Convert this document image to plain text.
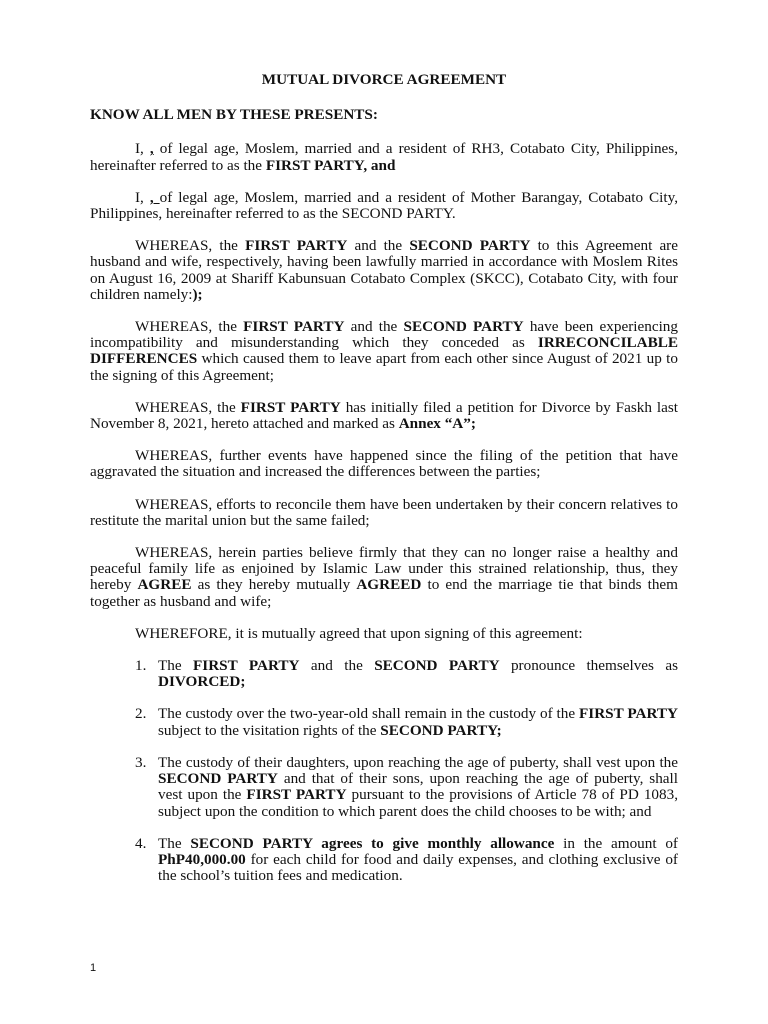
MUTUAL DIVORCE AGREEMENT
KNOW ALL MEN BY THESE PRESENTS:

I, , of legal age, Moslem, married and a resident of RH3, Cotabato City, Philippines, hereinafter referred to as the FIRST PARTY, and

I, , of legal age, Moslem, married and a resident of Mother Barangay, Cotabato City, Philippines, hereinafter referred to as the SECOND PARTY.

WHEREAS, the FIRST PARTY and the SECOND PARTY to this Agreement are husband and wife, respectively, having been lawfully married in accordance with Moslem Rites on August 16, 2009 at Shariff Kabunsuan Cotabato Complex (SKCC), Cotabato City, with four children namely:);

WHEREAS, the FIRST PARTY and the SECOND PARTY have been experiencing incompatibility and misunderstanding which they conceded as IRRECONCILABLE DIFFERENCES which caused them to leave apart from each other since August of 2021 up to the signing of this Agreement;

WHEREAS, the FIRST PARTY has initially filed a petition for Divorce by Faskh last November 8, 2021, hereto attached and marked as Annex “A”;

WHEREAS, further events have happened since the filing of the petition that have aggravated the situation and increased the differences between the parties;

WHEREAS, efforts to reconcile them have been undertaken by their concern relatives to restitute the marital union but the same failed;

WHEREAS, herein parties believe firmly that they can no longer raise a healthy and peaceful family life as enjoined by Islamic Law under this strained relationship, thus, they hereby AGREE as they hereby mutually AGREED to end the marriage tie that binds them together as husband and wife;

WHEREFORE, it is mutually agreed that upon signing of this agreement:

1. The FIRST PARTY and the SECOND PARTY pronounce themselves as DIVORCED;
2. The custody over the two-year-old shall remain in the custody of the FIRST PARTY subject to the visitation rights of the SECOND PARTY;
3. The custody of their daughters, upon reaching the age of puberty, shall vest upon the SECOND PARTY and that of their sons, upon reaching the age of puberty, shall vest upon the FIRST PARTY pursuant to the provisions of Article 78 of PD 1083, subject upon the condition to which parent does the child chooses to be with; and
4. The SECOND PARTY agrees to give monthly allowance in the amount of PhP40,000.00 for each child for food and daily expenses, and clothing exclusive of the school’s tuition fees and medication.
1
